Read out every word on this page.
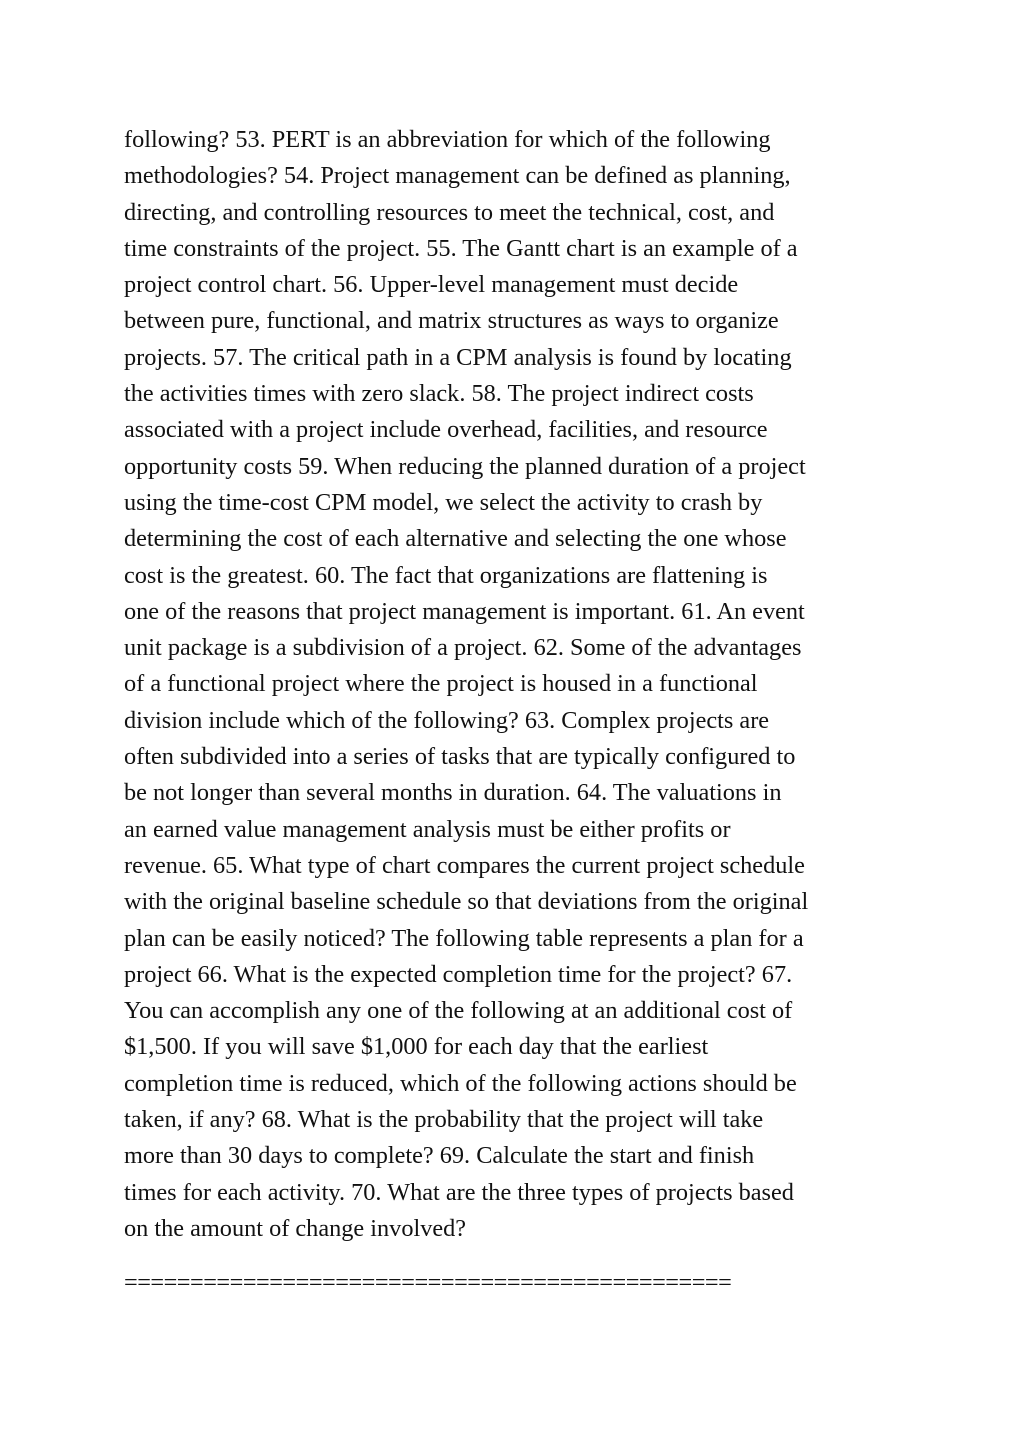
following? 53. PERT is an abbreviation for which of the following
methodologies? 54. Project management can be defined as planning,
directing, and controlling resources to meet the technical, cost, and
time constraints of the project. 55. The Gantt chart is an example of a
project control chart. 56. Upper-level management must decide
between pure, functional, and matrix structures as ways to organize
projects. 57. The critical path in a CPM analysis is found by locating
the activities times with zero slack. 58. The project indirect costs
associated with a project include overhead, facilities, and resource
opportunity costs 59. When reducing the planned duration of a project
using the time-cost CPM model, we select the activity to crash by
determining the cost of each alternative and selecting the one whose
cost is the greatest. 60. The fact that organizations are flattening is
one of the reasons that project management is important. 61. An event
unit package is a subdivision of a project. 62. Some of the advantages
of a functional project where the project is housed in a functional
division include which of the following? 63. Complex projects are
often subdivided into a series of tasks that are typically configured to
be not longer than several months in duration. 64. The valuations in
an earned value management analysis must be either profits or
revenue. 65. What type of chart compares the current project schedule
with the original baseline schedule so that deviations from the original
plan can be easily noticed? The following table represents a plan for a
project 66. What is the expected completion time for the project? 67.
You can accomplish any one of the following at an additional cost of
$1,500. If you will save $1,000 for each day that the earliest
completion time is reduced, which of the following actions should be
taken, if any? 68. What is the probability that the project will take
more than 30 days to complete? 69. Calculate the start and finish
times for each activity. 70. What are the three types of projects based
on the amount of change involved?

==============================================
